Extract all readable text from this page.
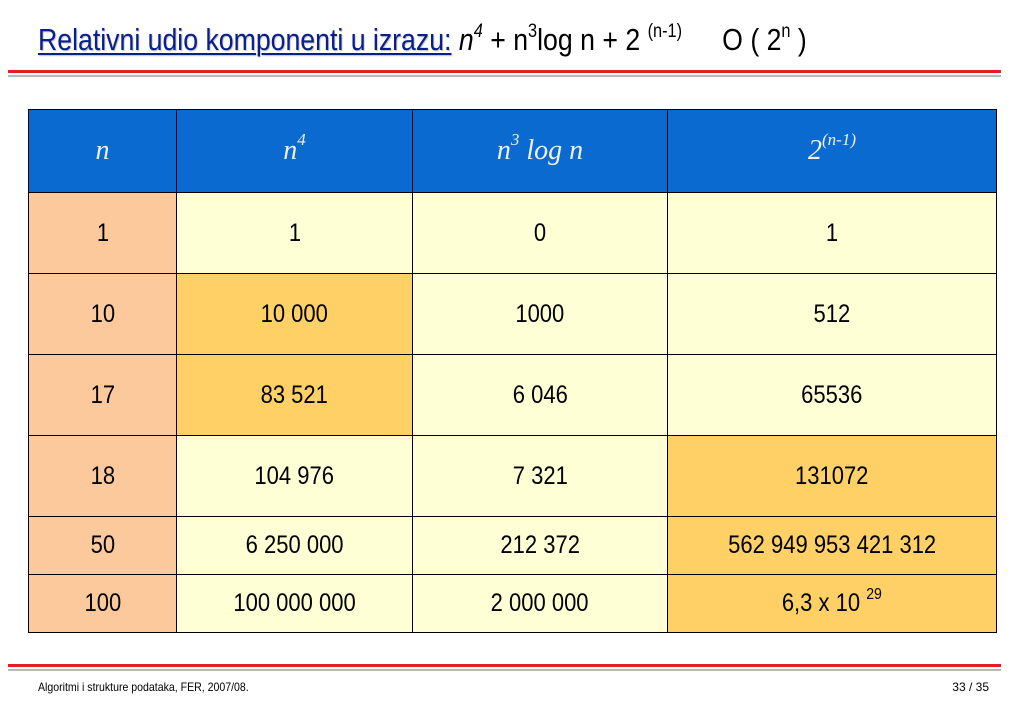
Relativni udio komponenti u izrazu: $n^4 + n^3\log$ n + 2 $^{(n-1)}$ O ( 2$^n$ )
n	$n^4$	$n^3$ log n	2$^{(n-1)}$
1	1	0	1
10	10 000	1000	512
17	83 521	6 046	65536
18	104 976	7 321	131072
50	6 250 000	212 372	562 949 953 421 312
100	100 000 000	2 000 000	6,3 x 10 $^{29}$
Algoritmi i strukture podataka, FER, 2007/08.	33 / 35
